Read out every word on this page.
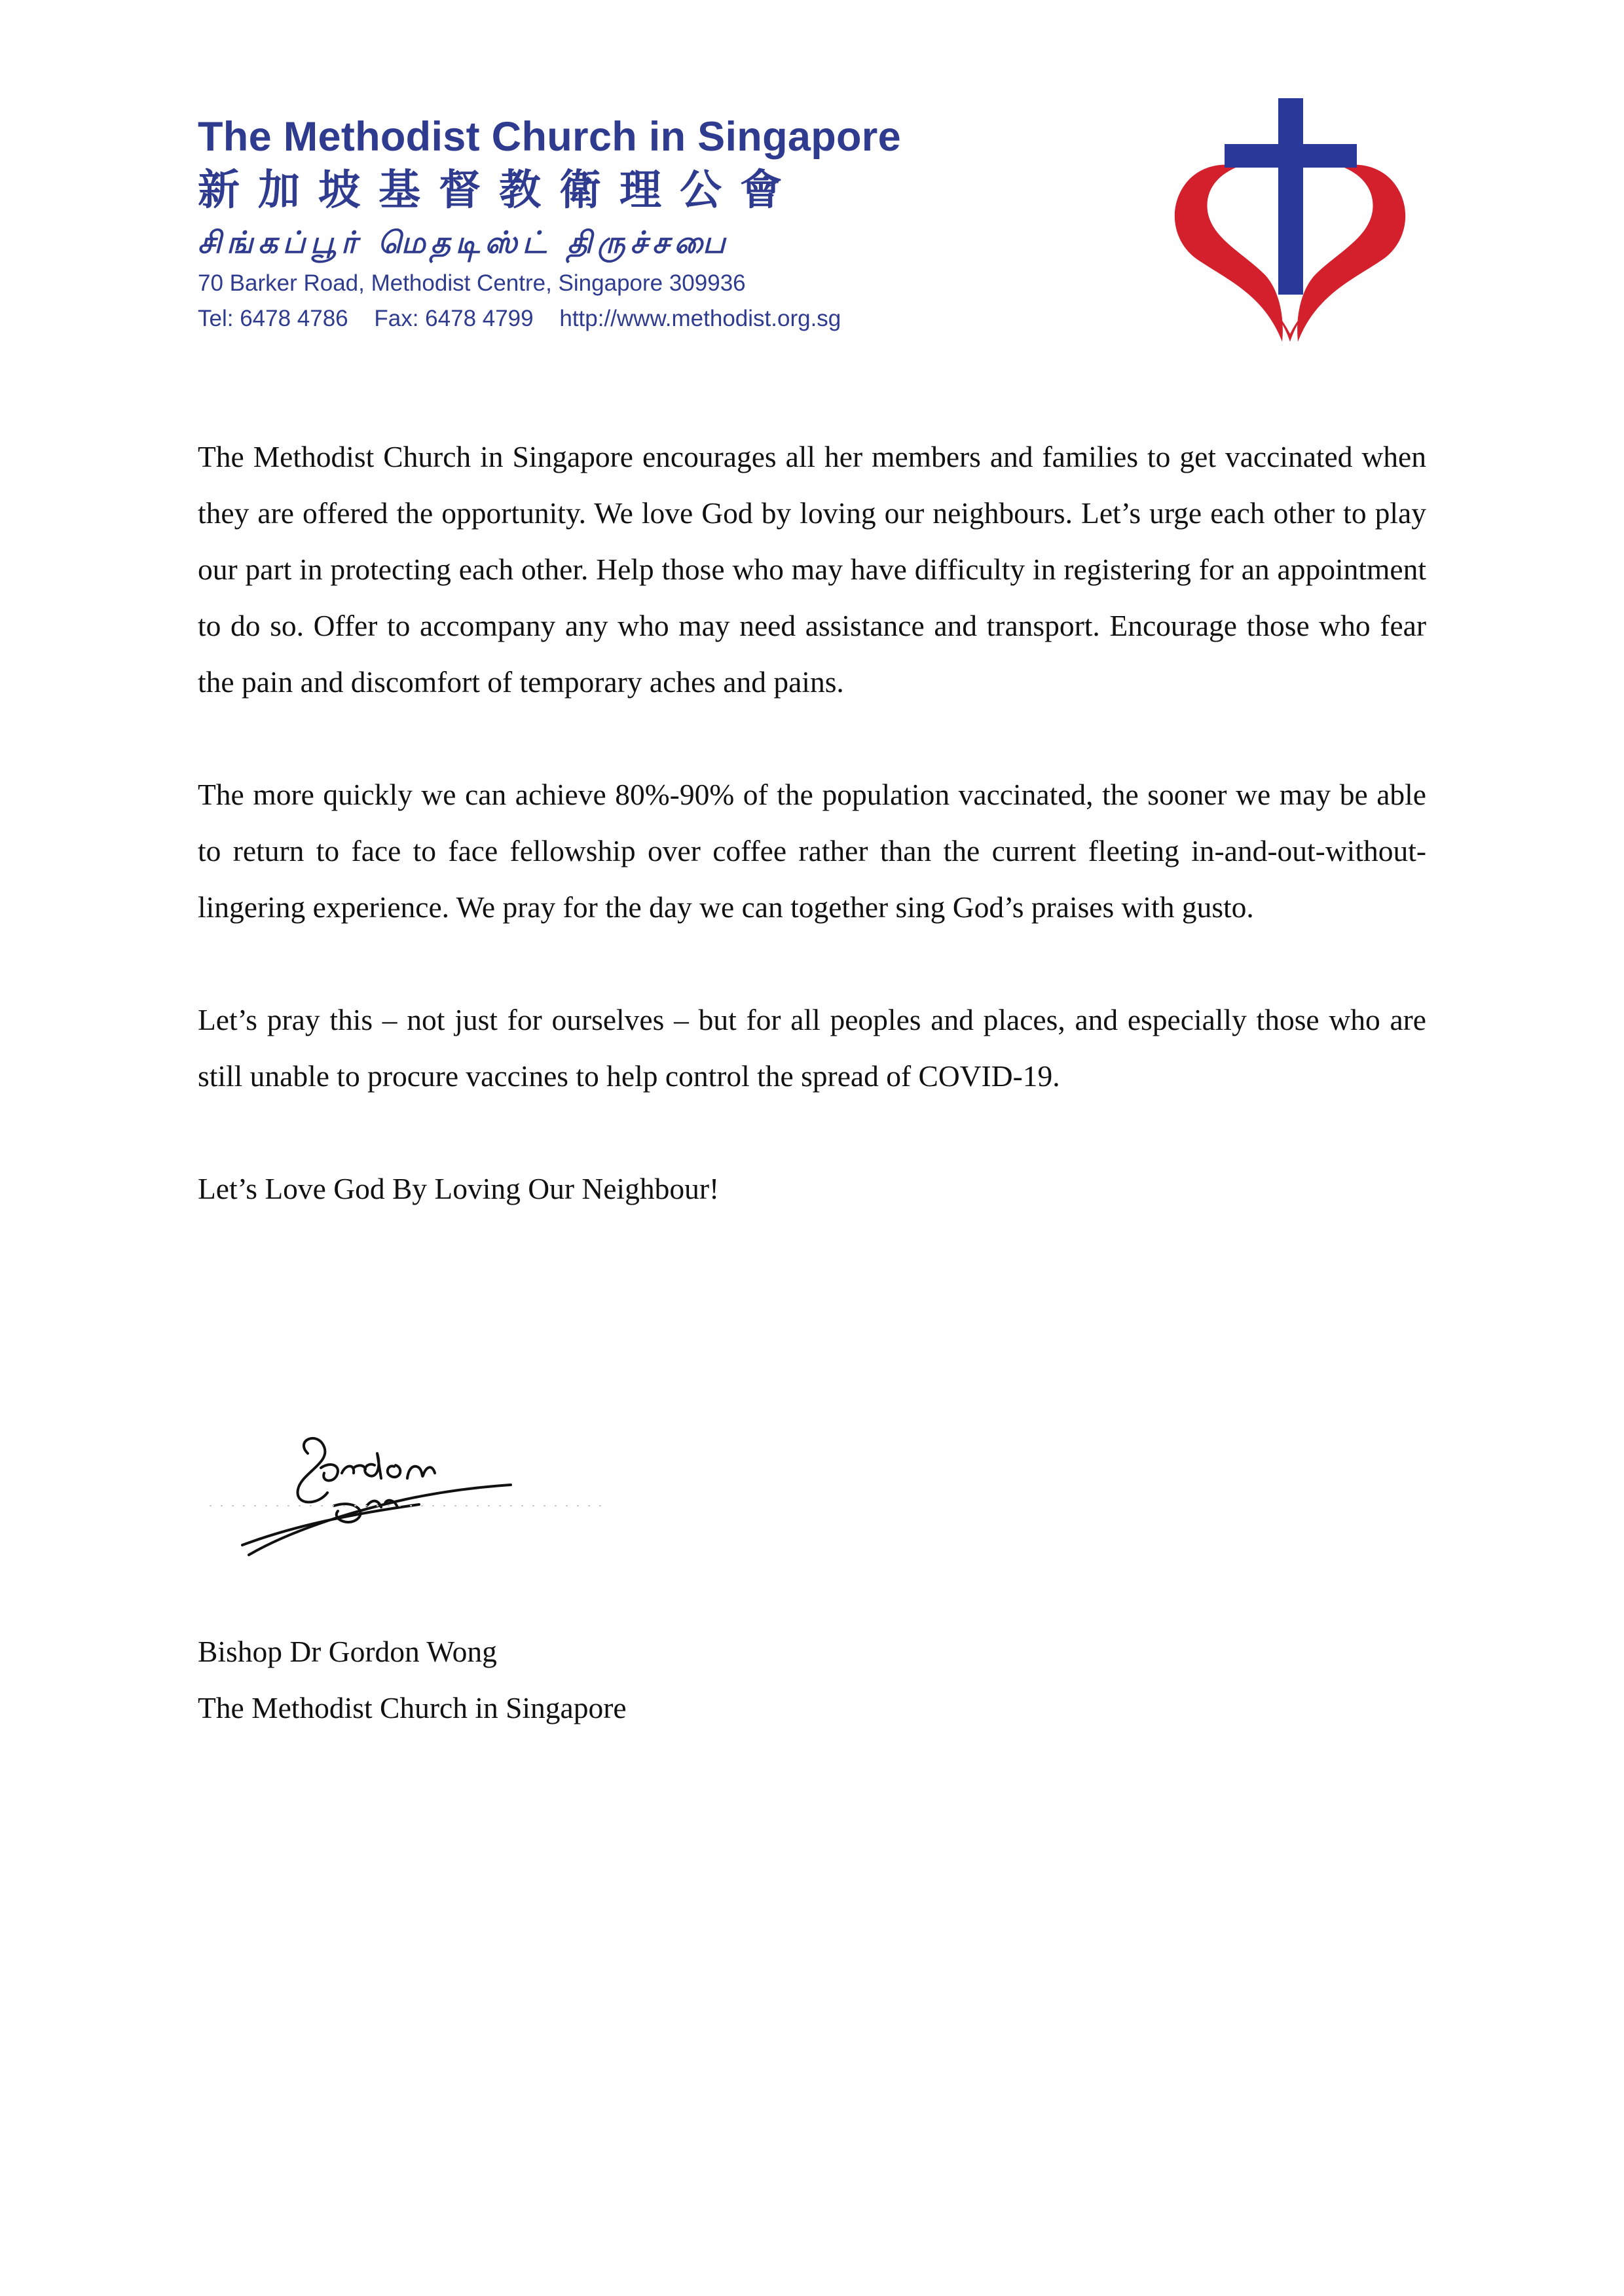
The Methodist Church in Singapore
新加坡基督教衛理公會
சிங்கப்பூர் மெதடிஸ்ட் திருச்சபை
70 Barker Road, Methodist Centre, Singapore 309936
Tel: 6478 4786 Fax: 6478 4799 http://www.methodist.org.sg

The Methodist Church in Singapore encourages all her members and families to get vaccinated when they are offered the opportunity. We love God by loving our neighbours. Let’s urge each other to play our part in protecting each other. Help those who may have difficulty in registering for an appointment to do so. Offer to accompany any who may need assistance and transport. Encourage those who fear the pain and discomfort of temporary aches and pains.

The more quickly we can achieve 80%-90% of the population vaccinated, the sooner we may be able to return to face to face fellowship over coffee rather than the current fleeting in-and-out-without-lingering experience. We pray for the day we can together sing God’s praises with gusto.

Let’s pray this – not just for ourselves – but for all peoples and places, and especially those who are still unable to procure vaccines to help control the spread of COVID-19.

Let’s Love God By Loving Our Neighbour!

Bishop Dr Gordon Wong
The Methodist Church in Singapore
